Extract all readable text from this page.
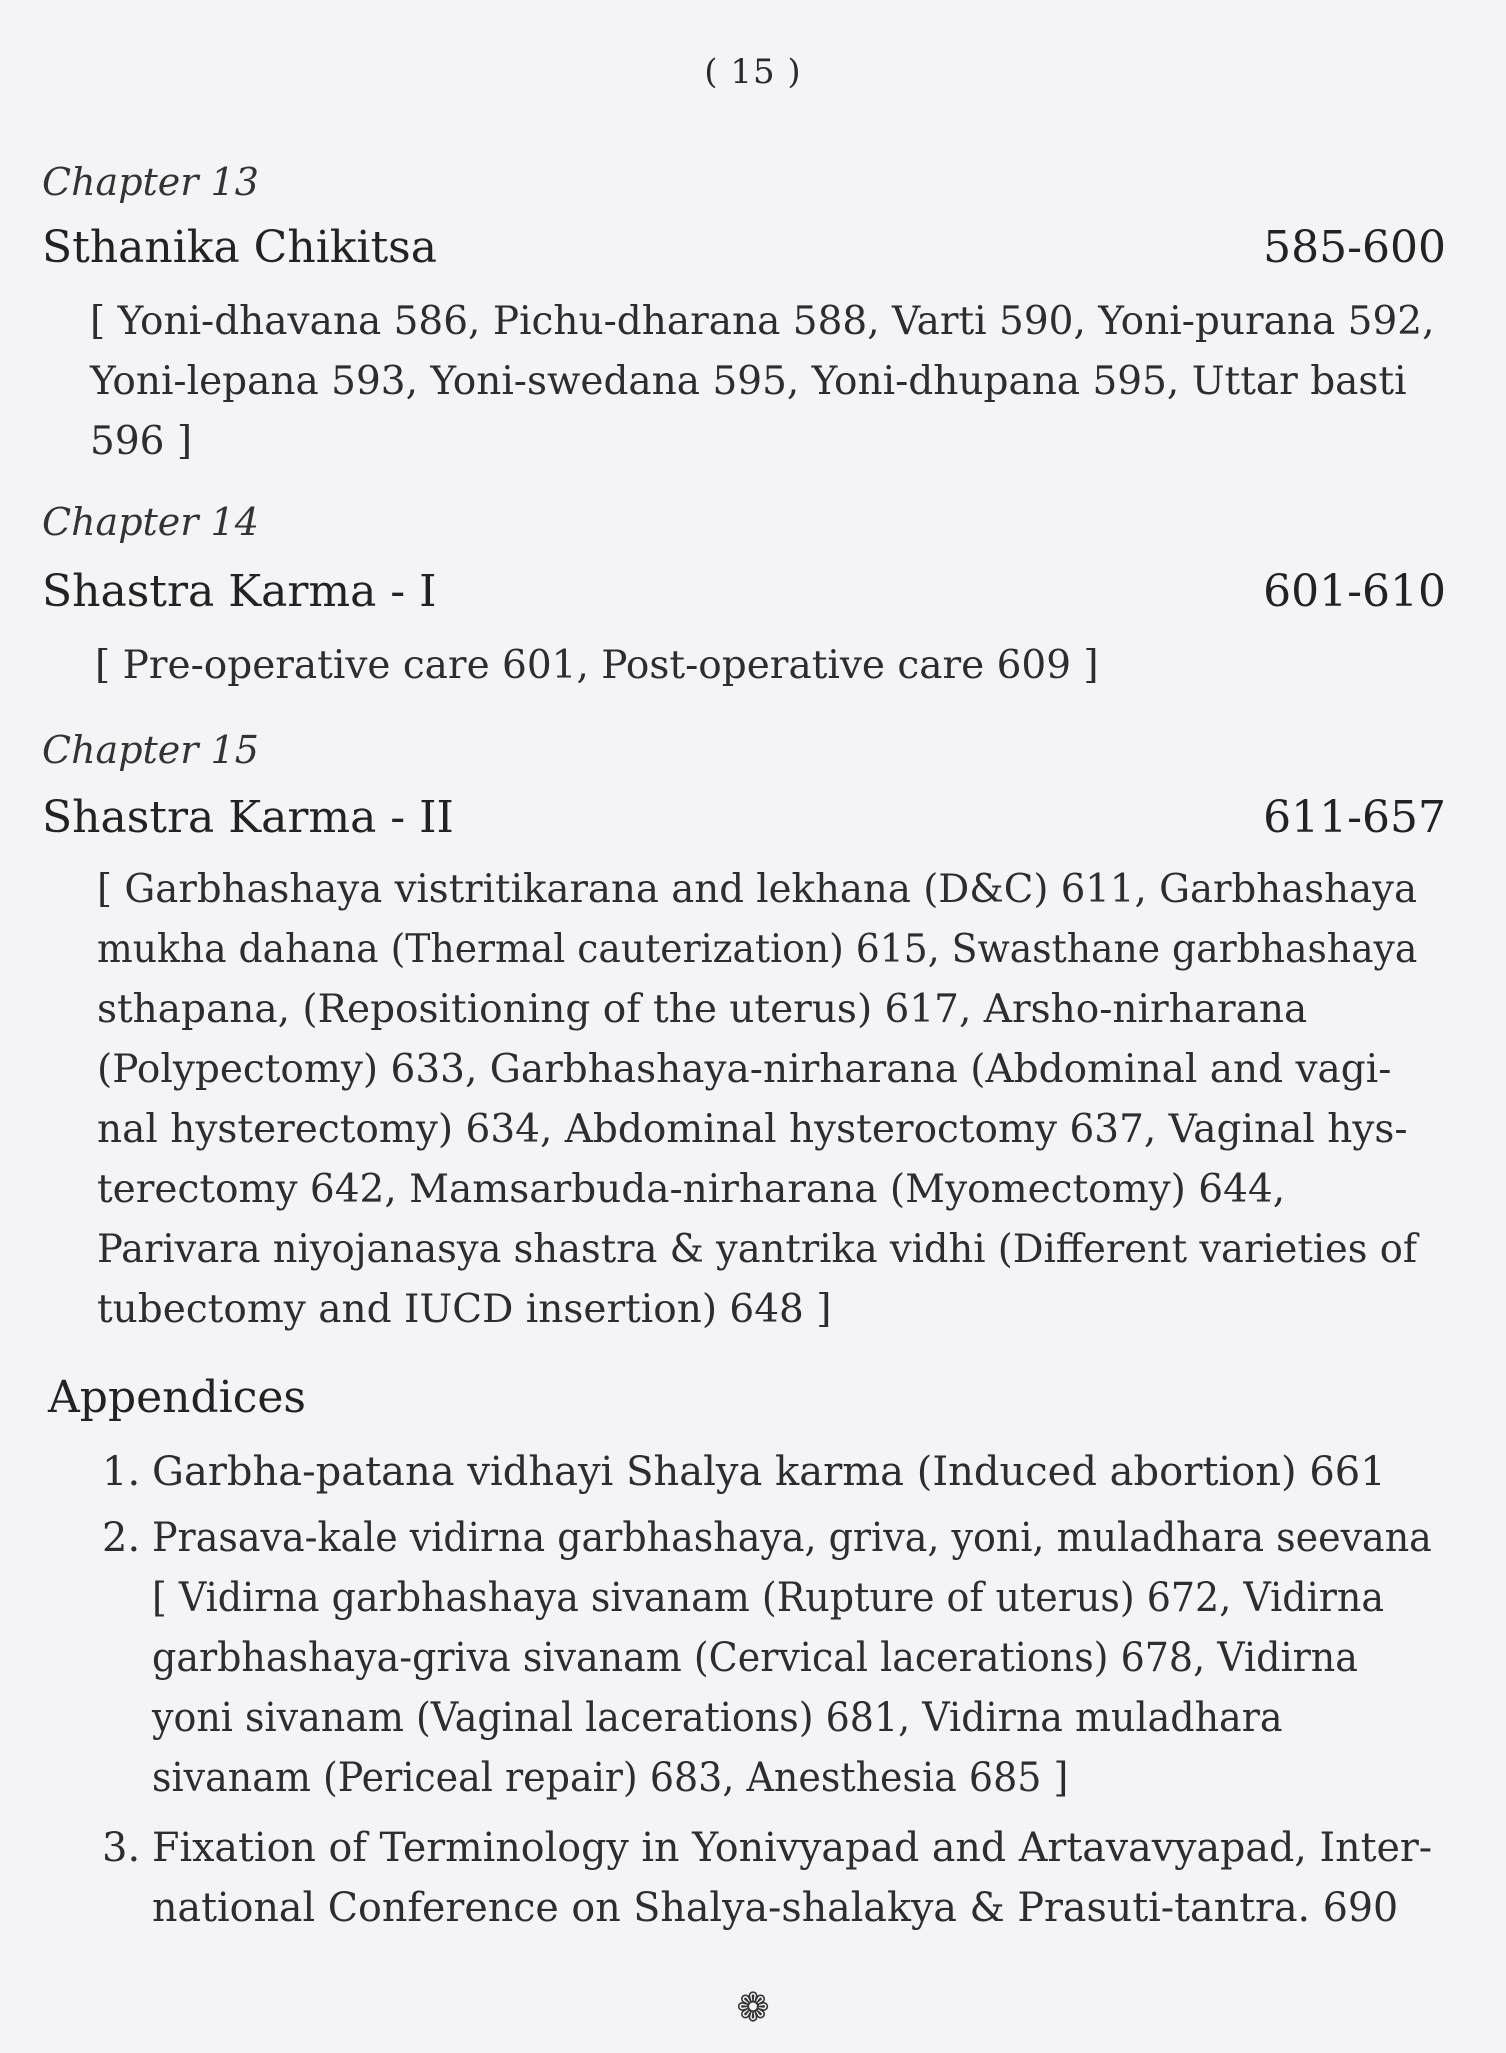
( 15 )
Chapter 13
Sthanika Chikitsa	585-600
[ Yoni-dhavana 586, Pichu-dharana 588, Varti 590, Yoni-purana 592,
Yoni-lepana 593, Yoni-swedana 595, Yoni-dhupana 595, Uttar basti
596 ]
Chapter 14
Shastra Karma - I	601-610
[ Pre-operative care 601, Post-operative care 609 ]
Chapter 15
Shastra Karma - II	611-657
[ Garbhashaya vistritikarana and lekhana (D&C) 611, Garbhashaya
mukha dahana (Thermal cauterization) 615, Swasthane garbhashaya
sthapana, (Repositioning of the uterus) 617, Arsho-nirharana
(Polypectomy) 633, Garbhashaya-nirharana (Abdominal and vagi-
nal hysterectomy) 634, Abdominal hysteroctomy 637, Vaginal hys-
terectomy 642, Mamsarbuda-nirharana (Myomectomy) 644,
Parivara niyojanasya shastra & yantrika vidhi (Different varieties of
tubectomy and IUCD insertion) 648 ]
Appendices
1. Garbha-patana vidhayi Shalya karma (Induced abortion) 661
2. Prasava-kale vidirna garbhashaya, griva, yoni, muladhara seevana
[ Vidirna garbhashaya sivanam (Rupture of uterus) 672, Vidirna
garbhashaya-griva sivanam (Cervical lacerations) 678, Vidirna
yoni sivanam (Vaginal lacerations) 681, Vidirna muladhara
sivanam (Periceal repair) 683, Anesthesia 685 ]
3. Fixation of Terminology in Yonivyapad and Artavavyapad, Inter-
national Conference on Shalya-shalakya & Prasuti-tantra. 690
❁
